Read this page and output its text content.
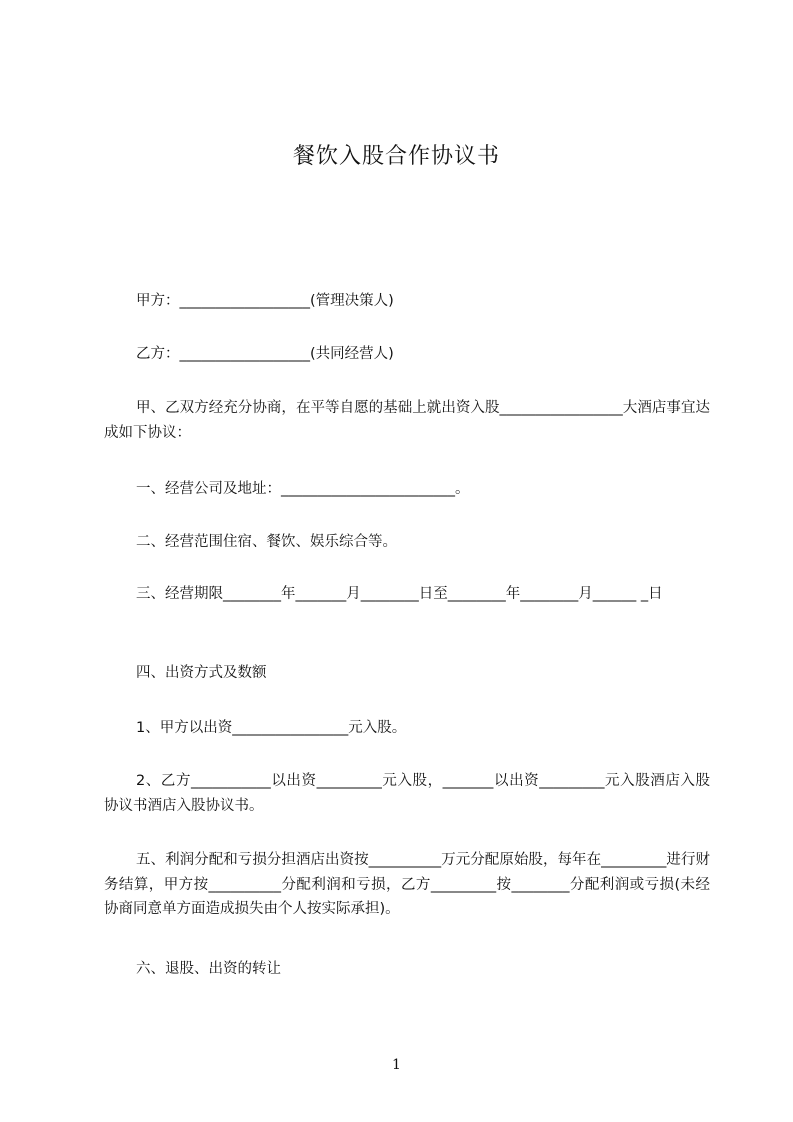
餐饮入股合作协议书
甲方：__________________(管理决策人)
乙方：__________________(共同经营人)
甲、乙双方经充分协商，在平等自愿的基础上就出资入股_________________大酒店事宜达成如下协议：
一、经营公司及地址：________________________。
二、经营范围住宿、餐饮、娱乐综合等。
三、经营期限________年_______月________日至________年________月______ _日
四、出资方式及数额
1、甲方以出资________________元入股。
2、乙方___________以出资_________元入股，_______以出资_________元入股酒店入股协议书酒店入股协议书。
五、利润分配和亏损分担酒店出资按__________万元分配原始股，每年在_________进行财务结算，甲方按__________分配利润和亏损，乙方_________按________分配利润或亏损(未经协商同意单方面造成损失由个人按实际承担)。
六、退股、出资的转让
1
